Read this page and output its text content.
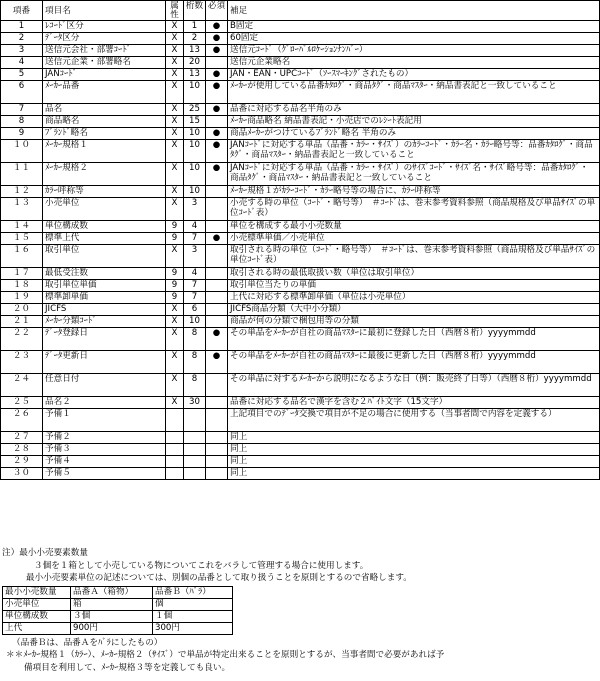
項番	項目名	属性	桁数	必須	補足
1	ﾚｺｰﾄﾞ区分	X	1	●	B固定
2	ﾃﾞｰﾀ区分	X	2	●	60固定
3	送信元会社・部署ｺｰﾄﾞ	X	13	●	送信元ｺｰﾄﾞ（ｸﾞﾛｰﾊﾞﾙﾛｹｰｼｮﾝﾅﾝﾊﾞｰ）
4	送信元企業・部署略名	X	20		送信元企業略名
5	JANｺｰﾄﾞ	X	13	●	JAN・EAN・UPCｺｰﾄﾞ（ｿｰｽﾏｰｷﾝｸﾞされたもの）
6	ﾒｰｶｰ品番	X	10	●	ﾒｰｶｰが使用している品番ｶﾀﾛｸﾞ・商品ﾀｸﾞ・商品ﾏｽﾀｰ・納品書表記と一致していること
7	品名	X	25	●	品番に対応する品名半角のみ
8	商品略名	X	15		ﾒｰｶｰ商品略名 納品書表記・小売店でのﾚｼｰﾄ表記用
9	ﾌﾞﾗﾝﾄﾞ略名	X	10	●	商品ﾒｰｶｰがつけているﾌﾞﾗﾝﾄﾞ略名 半角のみ
１０	ﾒｰｶｰ規格１	X	10	●	JANｺｰﾄﾞに対応する単品（品番・ｶﾗｰ・ｻｲｽﾞ）のｶﾗｰｺｰﾄﾞ・ｶﾗｰ名・ｶﾗｰ略号等：品番ｶﾀﾛｸﾞ・商品ﾀｸﾞ・商品ﾏｽﾀｰ・納品書表記と一致していること
１１	ﾒｰｶｰ規格２	X	10	●	JANｺｰﾄﾞに対応する単品（品番・ｶﾗｰ・ｻｲｽﾞ）のｻｲｽﾞｺｰﾄﾞ・ｻｲｽﾞ名・ｻｲｽﾞ略号等：品番ｶﾀﾛｸﾞ・商品ﾀｸﾞ・商品ﾏｽﾀｰ・納品書表記と一致していること
１２	ｶﾗｰ呼称等	X	10		ﾒｰｶｰ規格１がｶﾗｰｺｰﾄﾞ・ｶﾗｰ略号等の場合に、ｶﾗｰ呼称等
１３	小売単位	X	3		小売する時の単位（ｺｰﾄﾞ・略号等）　＃ｺｰﾄﾞは、巻末参考資料参照（商品規格及び単品ｻｲｽﾞの単位ｺｰﾄﾞ表）
１４	単位構成数	9	4		単位を構成する最小小売数量
１５	標準上代	9	7	●	小売標準単価／小売単位
１６	取引単位	X	3		取引される時の単位（ｺｰﾄﾞ・略号等）　＃ｺｰﾄﾞは、巻末参考資料参照（商品規格及び単品ｻｲｽﾞの単位ｺｰﾄﾞ表）
１７	最低受注数	9	4		取引される時の最低取扱い数（単位は取引単位）
１８	取引単位単価	9	7		取引単位当たりの単価
１９	標準卸単価	9	7		上代に対応する標準卸単価（単位は小売単位）
２０	JICFS	X	6		JICFS商品分類（大中小分類）
２１	ﾒｰｶｰ分類ｺｰﾄﾞ	X	10		商品が何の分類で梱包用等の分類
２２	ﾃﾞｰﾀ登録日	X	8	●	その単品をﾒｰｶｰが自社の商品ﾏｽﾀｰに最初に登録した日（西暦８桁）yyyymmdd
２３	ﾃﾞｰﾀ更新日	X	8	●	その単品をﾒｰｶｰが自社の商品ﾏｽﾀｰに最後に更新した日（西暦８桁）yyyymmdd
２４	任意日付	X	8		その単品に対するﾒｰｶｰから説明になるような日（例：販売終了日等）（西暦８桁）yyyymmdd
２５	品名２	X	30		品番に対応する品名で漢字を含む２ﾊﾞｲﾄ文字（15文字）
２６	予備１				上記項目でのﾃﾞｰﾀ交換で項目が不足の場合に使用する（当事者間で内容を定義する）
２７	予備２				同上
２８	予備３				同上
２９	予備４				同上
３０	予備５				同上

注）最小小売要素数量

３個を１箱として小売している物についてこれをバラして管理する場合に使用します。

最小小売要素単位の記述については、別個の品番として取り扱うことを原則とするので省略します。

最小小売数量	品番Ａ（箱物）	品番Ｂ（ﾊﾞﾗ）
小売単位	箱	個
単位構成数	３個	１個
上代	900円	300円

（品番Ｂは、品番Ａをﾊﾞﾗにしたもの）

＊＊ﾒｰｶｰ規格１（ｶﾗｰ）、ﾒｰｶｰ規格２（ｻｲｽﾞ）で単品が特定出来ることを原則とするが、当事者間で必要があれば予

備項目を利用して、ﾒｰｶｰ規格３等を定義しても良い。
